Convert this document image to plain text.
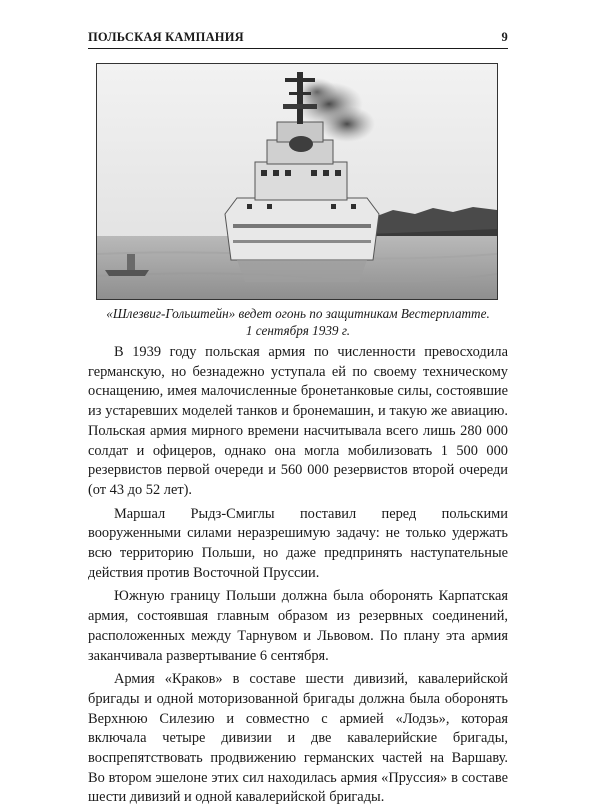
ПОЛЬСКАЯ КАМПАНИЯ	9
«Шлезвиг-Гольштейн» ведет огонь по защитникам Вестерплатте.
1 сентября 1939 г.

В 1939 году польская армия по численности превосходила германскую, но безнадежно уступала ей по своему техническому оснащению, имея малочисленные бронетанковые силы, состоявшие из устаревших моделей танков и бронемашин, и такую же авиацию. Польская армия мирного времени насчитывала всего лишь 280 000 солдат и офицеров, однако она могла мобилизовать 1 500 000 резервистов первой очереди и 560 000 резервистов второй очереди (от 43 до 52 лет).

Маршал Рыдз-Смиглы поставил перед польскими вооруженными силами неразрешимую задачу: не только удержать всю территорию Польши, но даже предпринять наступательные действия против Восточной Пруссии.

Южную границу Польши должна была оборонять Карпатская армия, состоявшая главным образом из резервных соединений, расположенных между Тарнувом и Львовом. По плану эта армия заканчивала развертывание 6 сентября.

Армия «Краков» в составе шести дивизий, кавалерийской бригады и одной моторизованной бригады должна была оборонять Верхнюю Силезию и совместно с армией «Лодзь», которая включала четыре дивизии и две кавалерийские бригады, воспрепятствовать продвижению германских частей на Варшаву. Во втором эшелоне этих сил находилась армия «Пруссия» в составе шести дивизий и одной кавалерийской бригады.
